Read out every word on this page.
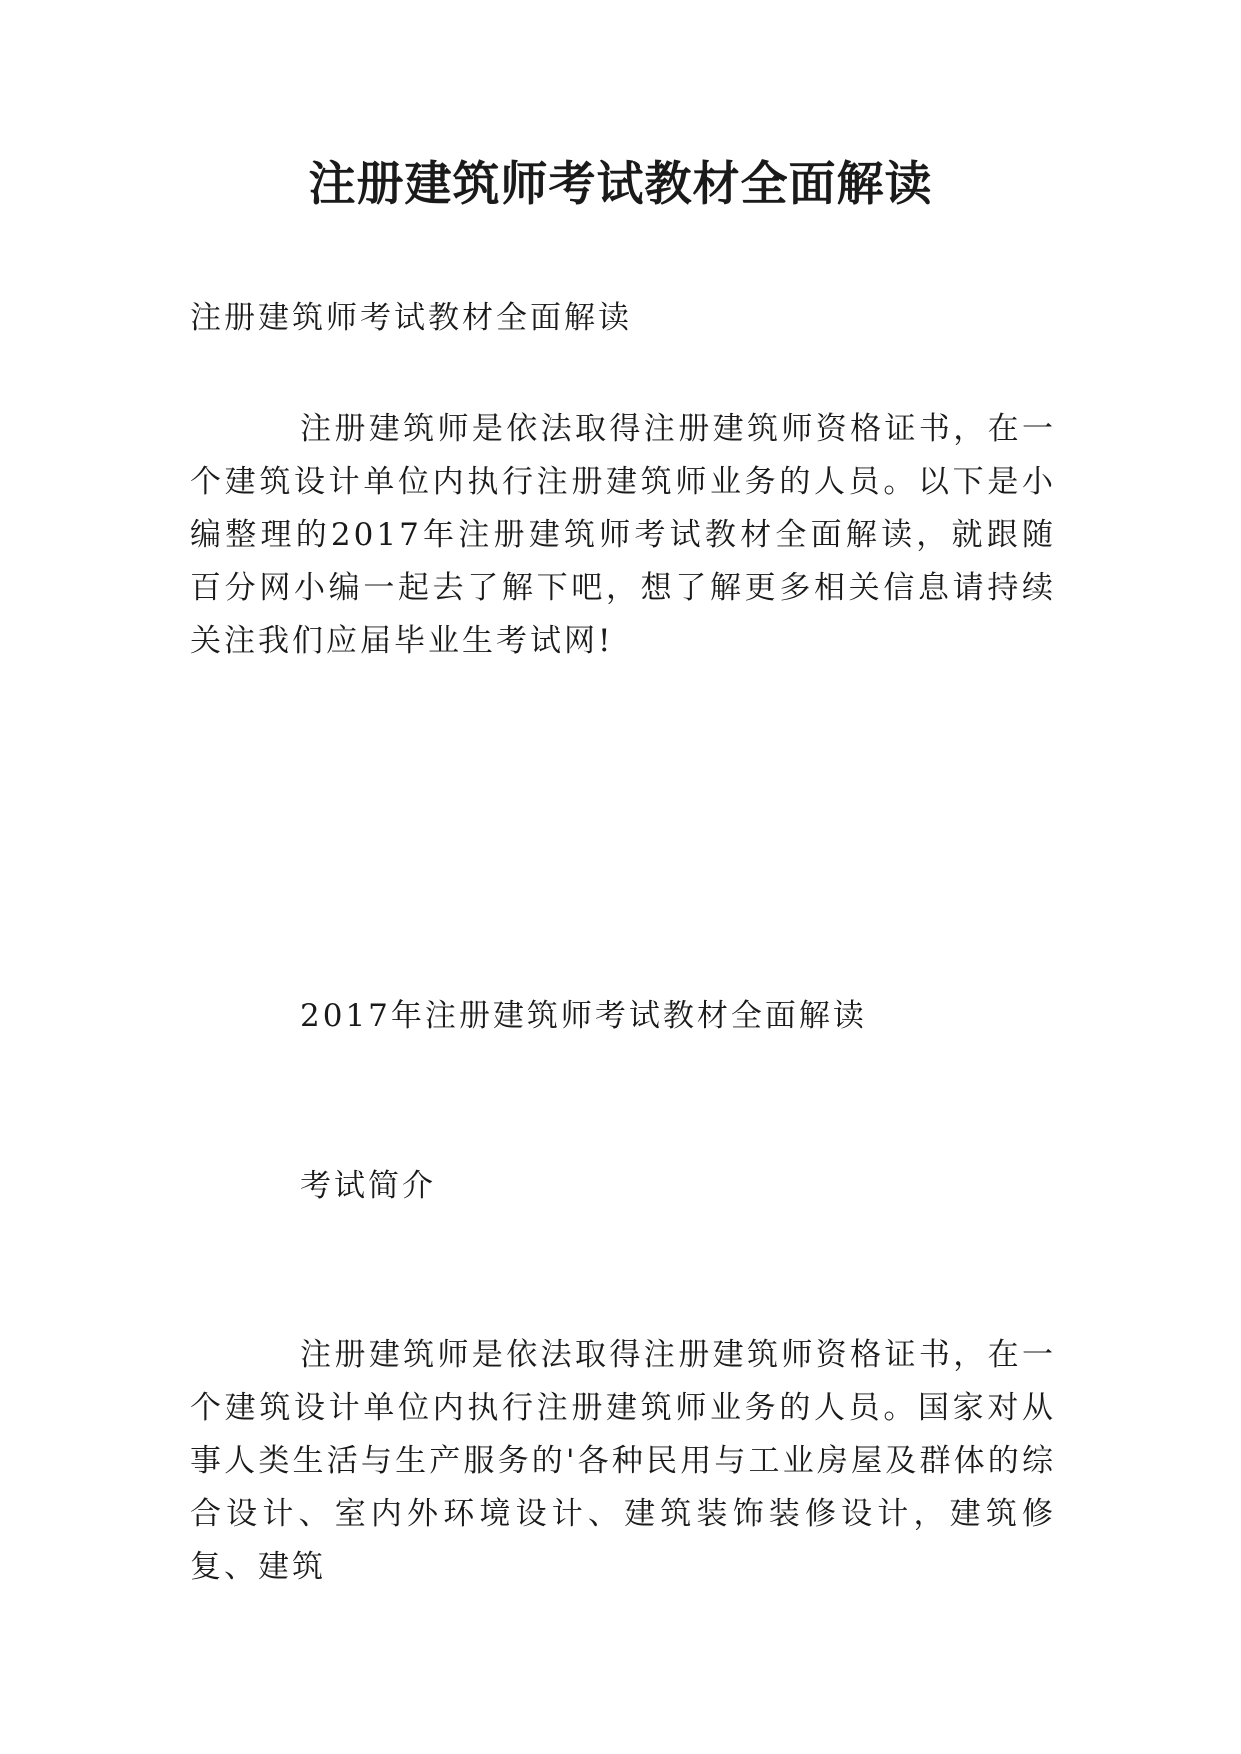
注册建筑师考试教材全面解读

注册建筑师考试教材全面解读

注册建筑师是依法取得注册建筑师资格证书，在一个建筑设计单位内执行注册建筑师业务的人员。以下是小编整理的2017年注册建筑师考试教材全面解读，就跟随百分网小编一起去了解下吧，想了解更多相关信息请持续关注我们应届毕业生考试网!

2017年注册建筑师考试教材全面解读

考试简介

注册建筑师是依法取得注册建筑师资格证书，在一个建筑设计单位内执行注册建筑师业务的人员。国家对从事人类生活与生产服务的'各种民用与工业房屋及群体的综合设计、室内外环境设计、建筑装饰装修设计，建筑修复、建筑
